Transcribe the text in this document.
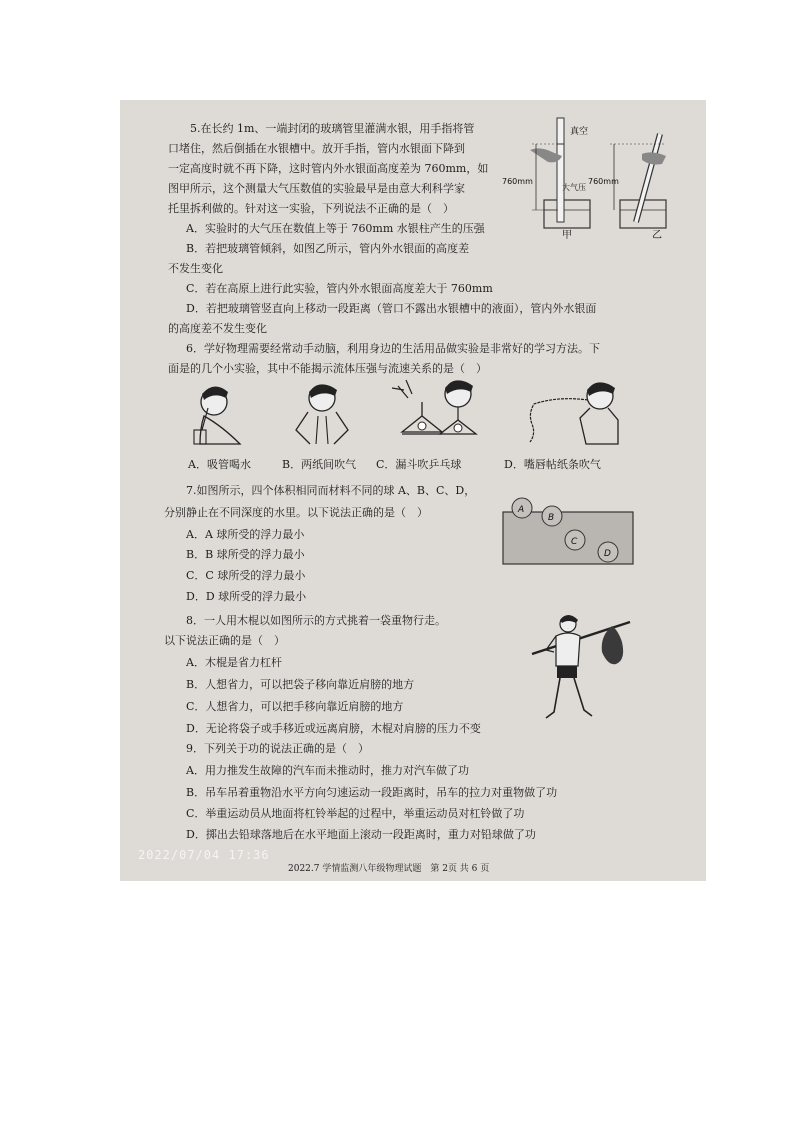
5.在长约 1m、一端封闭的玻璃管里灌满水银，用手指将管
口堵住，然后倒插在水银槽中。放开手指，管内水银面下降到
一定高度时就不再下降，这时管内外水银面高度差为 760mm，如
图甲所示，这个测量大气压数值的实验最早是由意大利科学家
托里拆利做的。针对这一实验，下列说法不正确的是（　）
A．实验时的大气压在数值上等于 760mm 水银柱产生的压强
B．若把玻璃管倾斜，如图乙所示，管内外水银面的高度差
不发生变化
C．若在高原上进行此实验，管内外水银面高度差大于 760mm
D．若把玻璃管竖直向上移动一段距离（管口不露出水银槽中的液面），管内外水银面
的高度差不发生变化
真空
760mm
大气压
甲
760mm
乙
6．学好物理需要经常动手动脑，利用身边的生活用品做实验是非常好的学习方法。下
面是的几个小实验，其中不能揭示流体压强与流速关系的是（　）
A．吸管喝水	B．两纸间吹气 C．漏斗吹乒乓球	D．嘴唇帖纸条吹气
7.如图所示，四个体积相同而材料不同的球 A、B、C、D，
分别静止在不同深度的水里。以下说法正确的是（　）
A．A 球所受的浮力最小
B．B 球所受的浮力最小
C．C 球所受的浮力最小
D．D 球所受的浮力最小
A
B
C
D
8．一人用木棍以如图所示的方式挑着一袋重物行走。
以下说法正确的是（　）
A．木棍是省力杠杆
B．人想省力，可以把袋子移向靠近肩膀的地方
C．人想省力，可以把手移向靠近肩膀的地方
D．无论将袋子或手移近或远离肩膀，木棍对肩膀的压力不变
9．下列关于功的说法正确的是（　）
A．用力推发生故障的汽车而未推动时，推力对汽车做了功
B．吊车吊着重物沿水平方向匀速运动一段距离时，吊车的拉力对重物做了功
C．举重运动员从地面将杠铃举起的过程中，举重运动员对杠铃做了功
D．掷出去铅球落地后在水平地面上滚动一段距离时，重力对铅球做了功
2022/07/04 17:36
2022.7 学情监测八年级物理试题　第 2页 共 6 页
